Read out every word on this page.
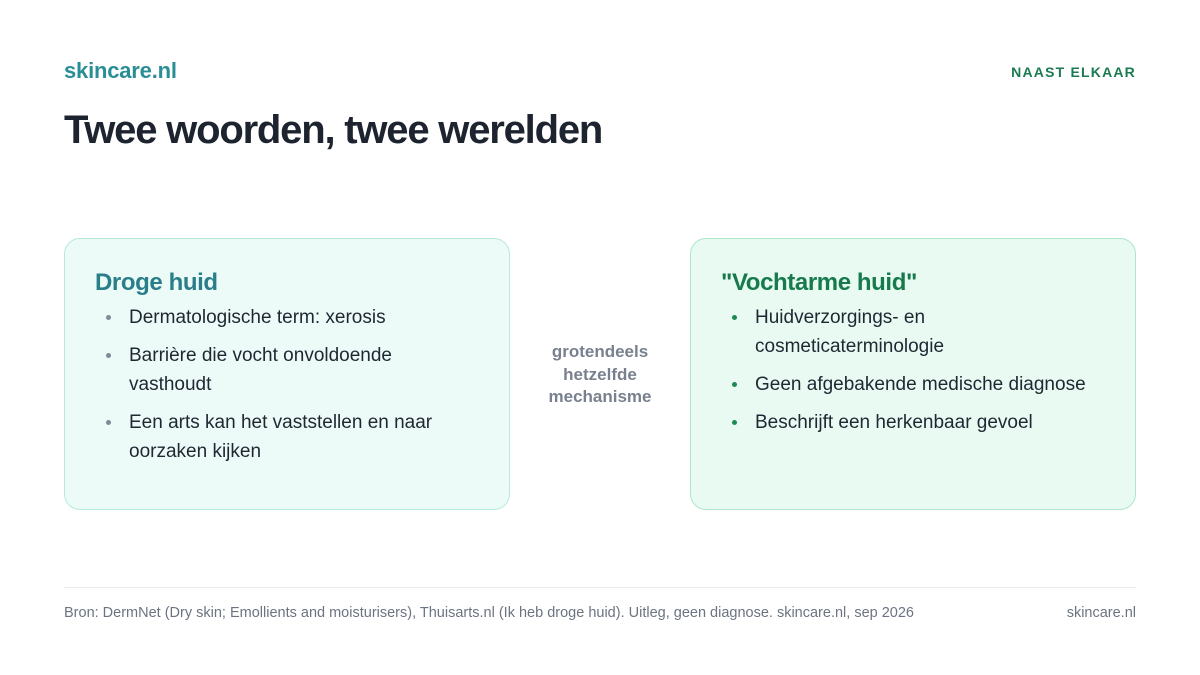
skincare.nl	NAAST ELKAAR
Twee woorden, twee werelden
Droge huid
Dermatologische term: xerosis
Barrière die vocht onvoldoende vasthoudt
Een arts kan het vaststellen en naar oorzaken kijken
grotendeels hetzelfde mechanisme
"Vochtarme huid"
Huidverzorgings- en cosmeticaterminologie
Geen afgebakende medische diagnose
Beschrijft een herkenbaar gevoel
Bron: DermNet (Dry skin; Emollients and moisturisers), Thuisarts.nl (Ik heb droge huid). Uitleg, geen diagnose. skincare.nl, sep 2026	skincare.nl
